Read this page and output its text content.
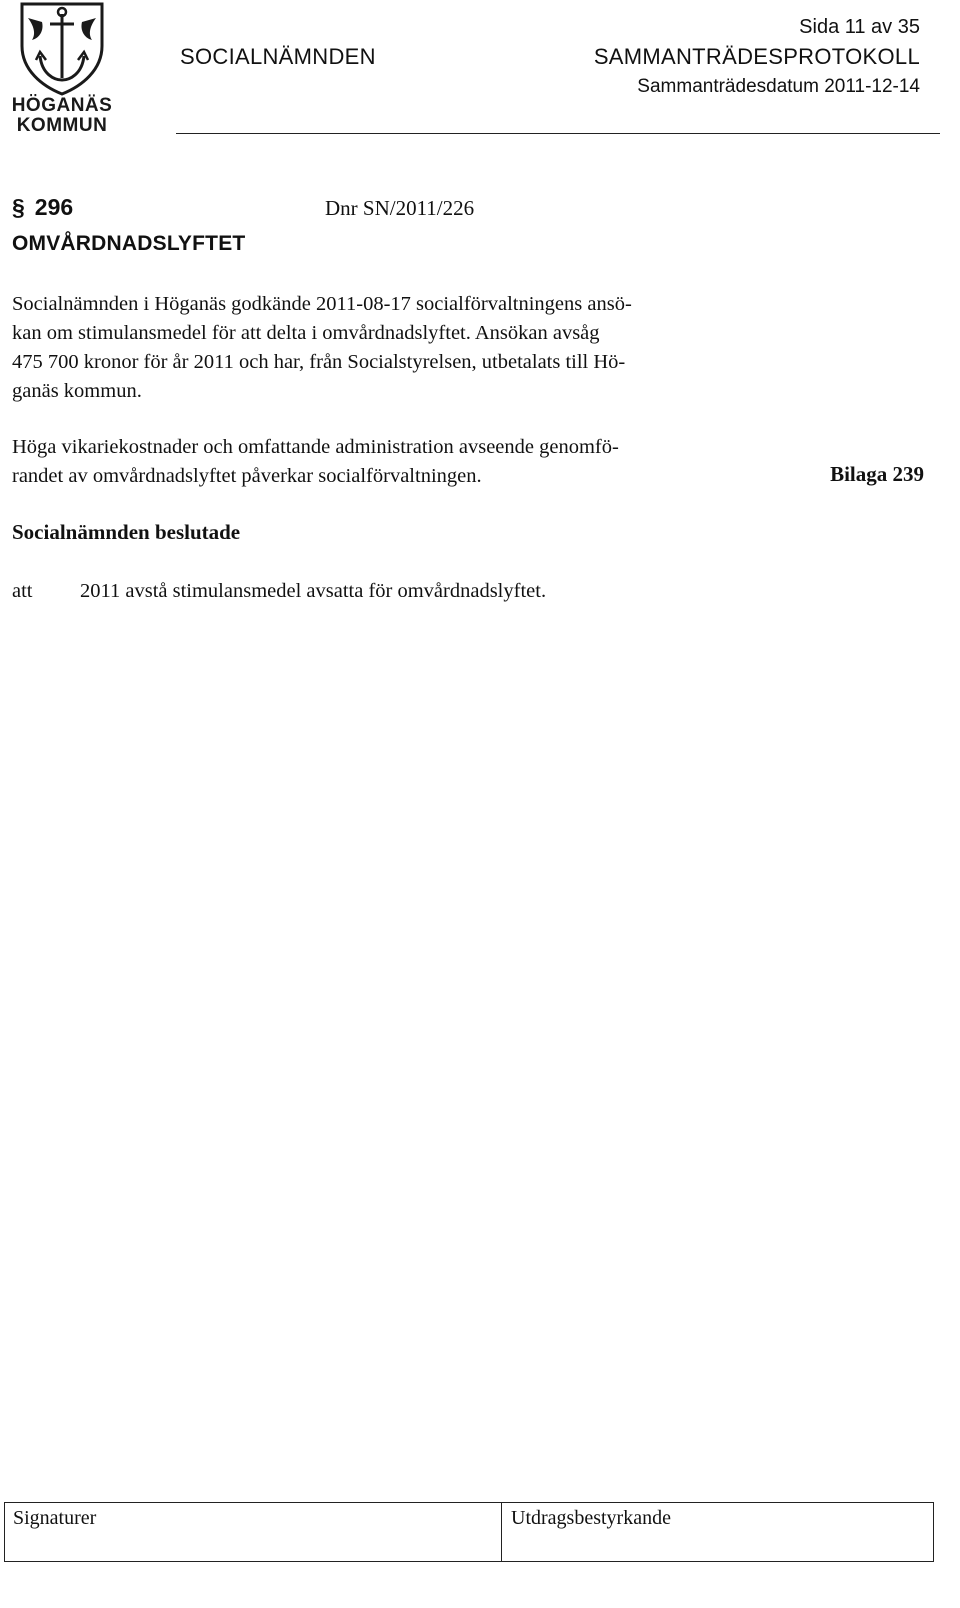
HÖGANÄS
KOMMUN
Sida 11 av 35
SOCIALNÄMNDEN	SAMMANTRÄDESPROTOKOLL
Sammanträdesdatum 2011-12-14
§ 296	Dnr SN/2011/226
OMVÅRDNADSLYFTET
Socialnämnden i Höganäs godkände 2011-08-17 socialförvaltningens ansö-
kan om stimulansmedel för att delta i omvårdnadslyftet. Ansökan avsåg
475 700 kronor för år 2011 och har, från Socialstyrelsen, utbetalats till Hö-
ganäs kommun.
Höga vikariekostnader och omfattande administration avseende genomfö-
randet av omvårdnadslyftet påverkar socialförvaltningen.	Bilaga 239
Socialnämnden beslutade
att 2011 avstå stimulansmedel avsatta för omvårdnadslyftet.
Signaturer	Utdragsbestyrkande
